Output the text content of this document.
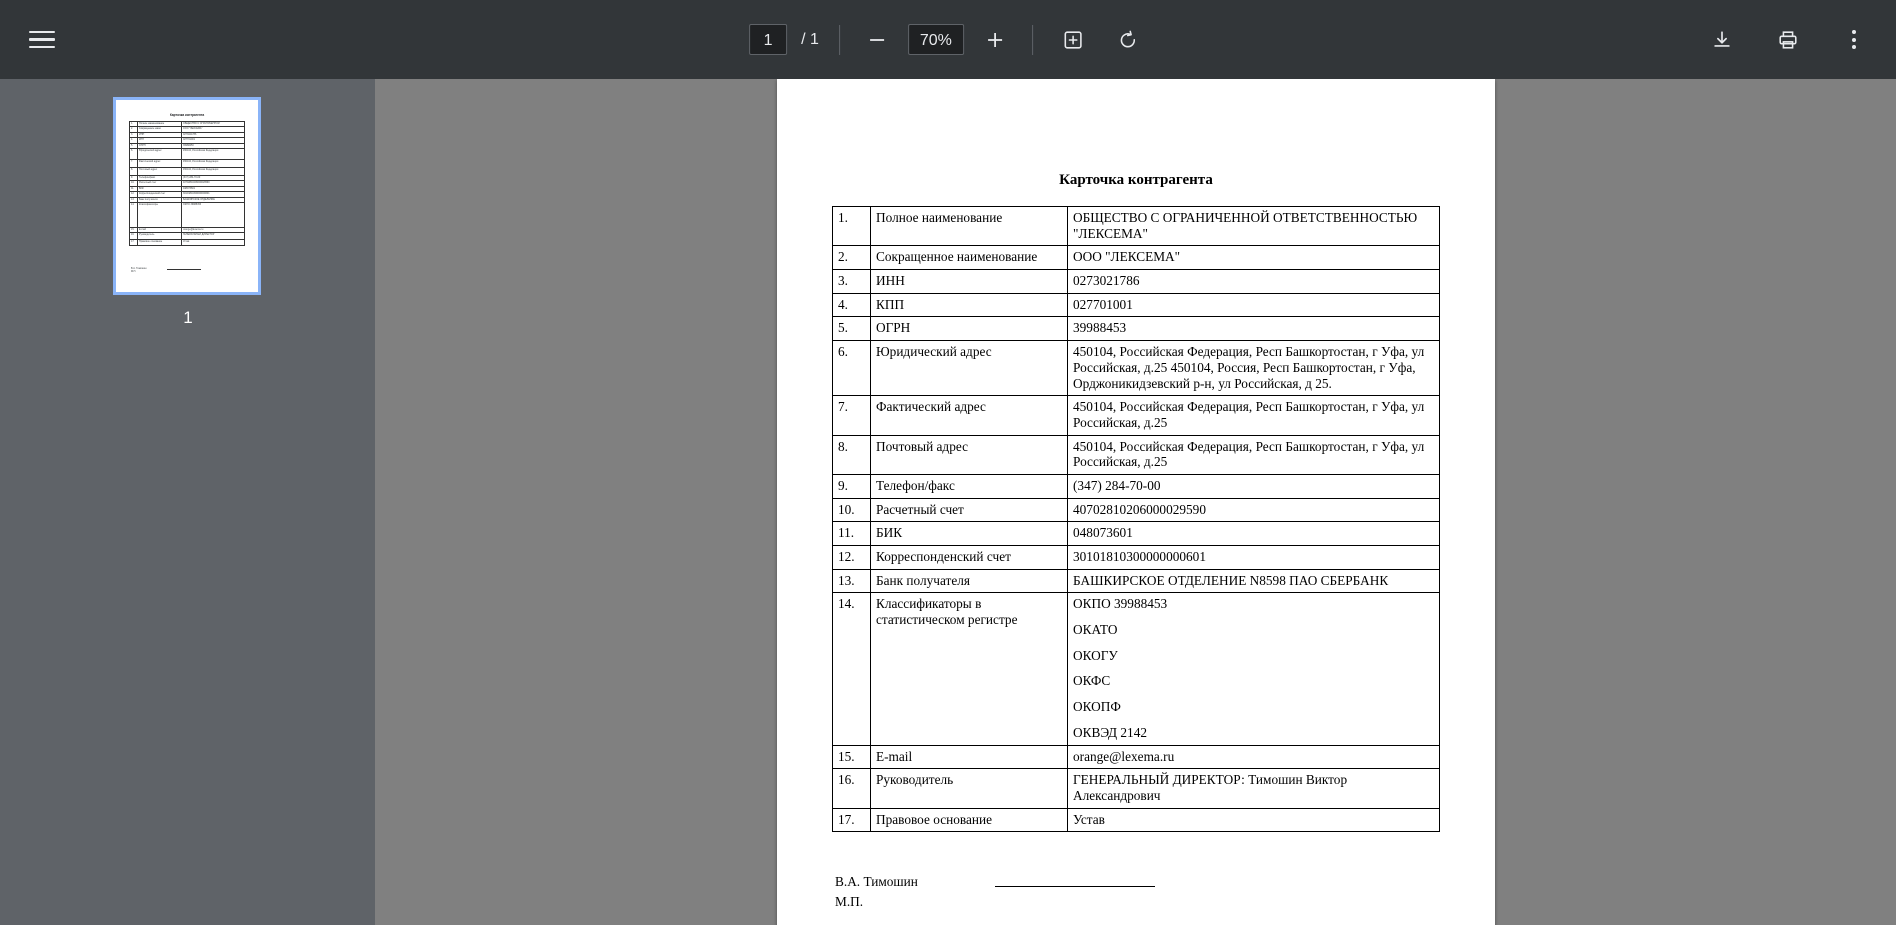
1	/ 1	70%
Карточка контрагента
1.	Полное наименование	ОБЩЕСТВО С ОГРАНИЧЕННОЙ
2.	Сокращенное наим.	ООО "ЛЕКСЕМА"
3.	ИНН	0273021786
4.	КПП	027701001
5.	ОГРН	39988453
6.	Юридический адрес	450104, Российская Федерация
7.	Фактический адрес	450104, Российская Федерация
8.	Почтовый адрес	450104, Российская Федерация
9.	Телефон/факс	(347) 284-70-00
10.	Расчетный счет	40702810206000029590
11.	БИК	048073601
12.	Корреспонденский счет	30101810300000000601
13.	Банк получателя	БАШКИРСКОЕ ОТДЕЛЕНИЕ
14.	Классификаторы	ОКПО 39988453
15.	E-mail	orange@lexema.ru
16.	Руководитель	ГЕНЕРАЛЬНЫЙ ДИРЕКТОР
17.	Правовое основание	Устав
В.А. Тимошин
М.П.
1
Карточка контрагента
1.	Полное наименование	ОБЩЕСТВО С ОГРАНИЧЕННОЙ ОТВЕТСТВЕННОСТЬЮ "ЛЕКСЕМА"
2.	Сокращенное наименование	ООО "ЛЕКСЕМА"
3.	ИНН	0273021786
4.	КПП	027701001
5.	ОГРН	39988453
6.	Юридический адрес	450104, Российская Федерация, Респ Башкортостан, г Уфа, ул Российская, д.25 450104, Россия, Респ Башкортостан, г Уфа, Орджоникидзевский р-н, ул Российская, д 25.
7.	Фактический адрес	450104, Российская Федерация, Респ Башкортостан, г Уфа, ул Российская, д.25
8.	Почтовый адрес	450104, Российская Федерация, Респ Башкортостан, г Уфа, ул Российская, д.25
9.	Телефон/факс	(347) 284-70-00
10.	Расчетный счет	40702810206000029590
11.	БИК	048073601
12.	Корреспонденский счет	30101810300000000601
13.	Банк получателя	БАШКИРСКОЕ ОТДЕЛЕНИЕ N8598 ПАО СБЕРБАНК
14.	Классификаторы в статистическом регистре	
ОКПО 39988453
ОКАТО
ОКОГУ
ОКФС
ОКОПФ
ОКВЭД 2142

15.	E-mail	orange@lexema.ru
16.	Руководитель	ГЕНЕРАЛЬНЫЙ ДИРЕКТОР: Тимошин Виктор Александрович
17.	Правовое основание	Устав
В.А. Тимошин
М.П.
